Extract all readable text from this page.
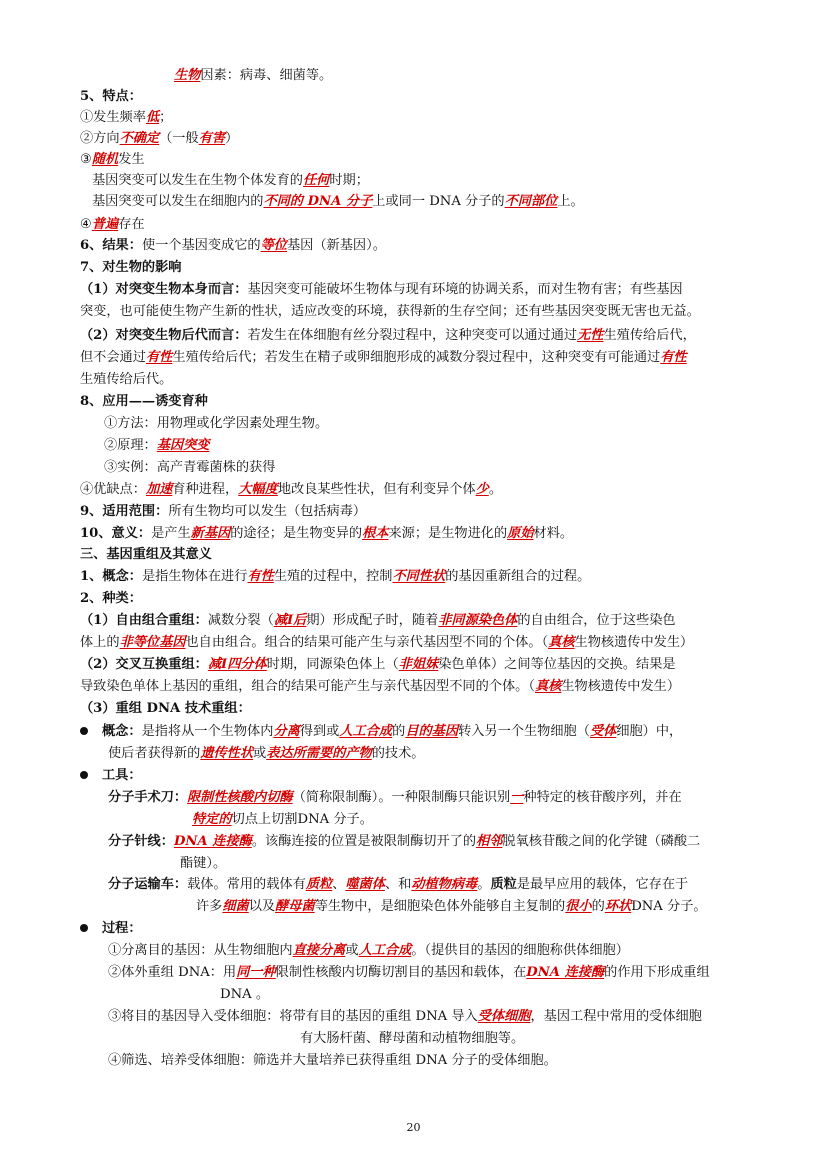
生物因素：病毒、细菌等。
5、特点：
①发生频率低；
②方向不确定（一般有害）
③随机发生
基因突变可以发生在生物个体发育的任何时期；
基因突变可以发生在细胞内的不同的 DNA 分子上或同一 DNA 分子的不同部位上。
④普遍存在
6、结果：使一个基因变成它的等位基因（新基因）。
7、对生物的影响
（1）对突变生物本身而言：基因突变可能破坏生物体与现有环境的协调关系，而对生物有害；有些基因
突变，也可能使生物产生新的性状，适应改变的环境，获得新的生存空间；还有些基因突变既无害也无益。
（2）对突变生物后代而言：若发生在体细胞有丝分裂过程中，这种突变可以通过通过无性生殖传给后代，
但不会通过有性生殖传给后代；若发生在精子或卵细胞形成的减数分裂过程中，这种突变有可能通过有性
生殖传给后代。
8、应用——诱变育种
①方法：用物理或化学因素处理生物。
②原理：基因突变
③实例：高产青霉菌株的获得
④优缺点：加速育种进程，大幅度地改良某些性状，但有利变异个体少。
9、适用范围：所有生物均可以发生（包括病毒）
10、意义：是产生新基因的途径；是生物变异的根本来源；是生物进化的原始材料。
三、基因重组及其意义
1、概念：是指生物体在进行有性生殖的过程中，控制不同性状的基因重新组合的过程。
2、种类：
（1）自由组合重组：减数分裂（减Ⅰ后期）形成配子时，随着非同源染色体的自由组合，位于这些染色
体上的非等位基因也自由组合。组合的结果可能产生与亲代基因型不同的个体。（真核生物核遗传中发生）
（2）交叉互换重组：减Ⅰ四分体时期，同源染色体上（非姐妹染色单体）之间等位基因的交换。结果是
导致染色单体上基因的重组，组合的结果可能产生与亲代基因型不同的个体。（真核生物核遗传中发生）
（3）重组 DNA 技术重组：
概念：是指将从一个生物体内分离得到或人工合成的目的基因转入另一个生物细胞（受体细胞）中，
使后者获得新的遗传性状或表达所需要的产物的技术。
工具：
分子手术刀：限制性核酸内切酶（简称限制酶）。一种限制酶只能识别一种特定的核苷酸序列，并在
特定的切点上切割DNA 分子。
分子针线：DNA 连接酶。该酶连接的位置是被限制酶切开了的相邻脱氧核苷酸之间的化学键（磷酸二
酯键）。
分子运输车：载体。常用的载体有质粒、噬菌体、和动植物病毒。质粒是最早应用的载体，它存在于
许多细菌以及酵母菌等生物中，是细胞染色体外能够自主复制的很小的环状DNA 分子。
过程：
①分离目的基因：从生物细胞内直接分离或人工合成。（提供目的基因的细胞称供体细胞）
②体外重组 DNA：用同一种限制性核酸内切酶切割目的基因和载体，在DNA 连接酶的作用下形成重组
DNA 。
③将目的基因导入受体细胞：将带有目的基因的重组 DNA 导入受体细胞，基因工程中常用的受体细胞
有大肠杆菌、酵母菌和动植物细胞等。
④筛选、培养受体细胞：筛选并大量培养已获得重组 DNA 分子的受体细胞。
20
